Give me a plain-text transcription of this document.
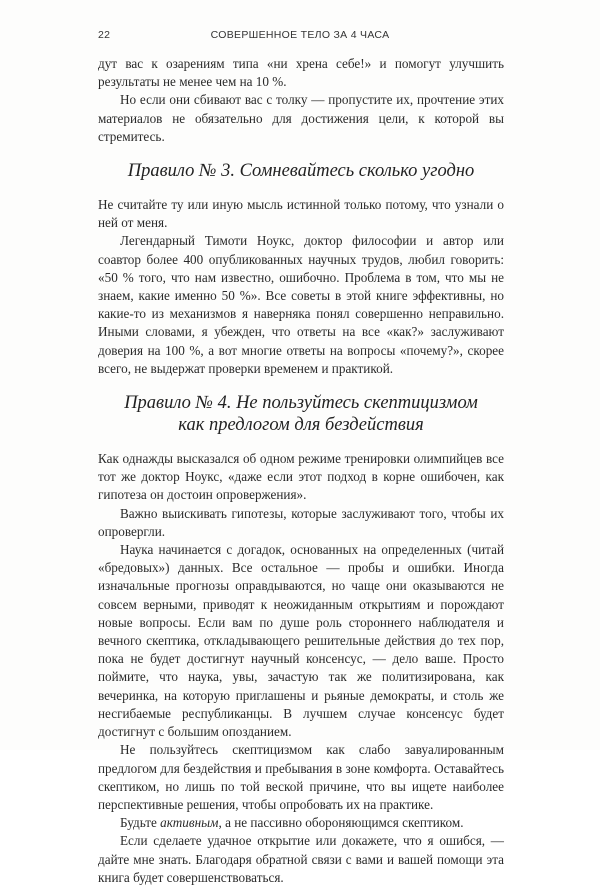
22	СОВЕРШЕННОЕ ТЕЛО ЗА 4 ЧАСА

дут вас к озарениям типа «ни хрена себе!» и помогут улучшить результаты не менее чем на 10 %.

Но если они сбивают вас с толку — пропустите их, прочтение этих материалов не обязательно для достижения цели, к которой вы стремитесь.

Правило № 3. Сомневайтесь сколько угодно

Не считайте ту или иную мысль истинной только потому, что узнали о ней от меня.

Легендарный Тимоти Ноукс, доктор философии и автор или соавтор более 400 опубликованных научных трудов, любил говорить: «50 % того, что нам известно, ошибочно. Проблема в том, что мы не знаем, какие именно 50 %». Все советы в этой книге эффективны, но какие-то из механизмов я наверняка понял совершенно неправильно. Иными словами, я убежден, что ответы на все «как?» заслуживают доверия на 100 %, а вот многие ответы на вопросы «почему?», скорее всего, не выдержат проверки временем и практикой.

Правило № 4. Не пользуйтесь скептицизмом
как предлогом для бездействия

Как однажды высказался об одном режиме тренировки олимпийцев все тот же доктор Ноукс, «даже если этот подход в корне ошибочен, как гипотеза он достоин опровержения».

Важно выискивать гипотезы, которые заслуживают того, чтобы их опровергли.

Наука начинается с догадок, основанных на определенных (читай «бредовых») данных. Все остальное — пробы и ошибки. Иногда изначальные прогнозы оправдываются, но чаще они оказываются не совсем верными, приводят к неожиданным открытиям и порождают новые вопросы. Если вам по душе роль стороннего наблюдателя и вечного скептика, откладывающего решительные действия до тех пор, пока не будет достигнут научный консенсус, — дело ваше. Просто поймите, что наука, увы, зачастую так же политизирована, как вечеринка, на которую приглашены и рьяные демократы, и столь же несгибаемые республиканцы. В лучшем случае консенсус будет достигнут с большим опозданием.

Не пользуйтесь скептицизмом как слабо завуалированным предлогом для бездействия и пребывания в зоне комфорта. Оставайтесь скептиком, но лишь по той веской причине, что вы ищете наиболее перспективные решения, чтобы опробовать их на практике.

Будьте активным, а не пассивно обороняющимся скептиком.

Если сделаете удачное открытие или докажете, что я ошибся, — дайте мне знать. Благодаря обратной связи с вами и вашей помощи эта книга будет совершенствоваться.
